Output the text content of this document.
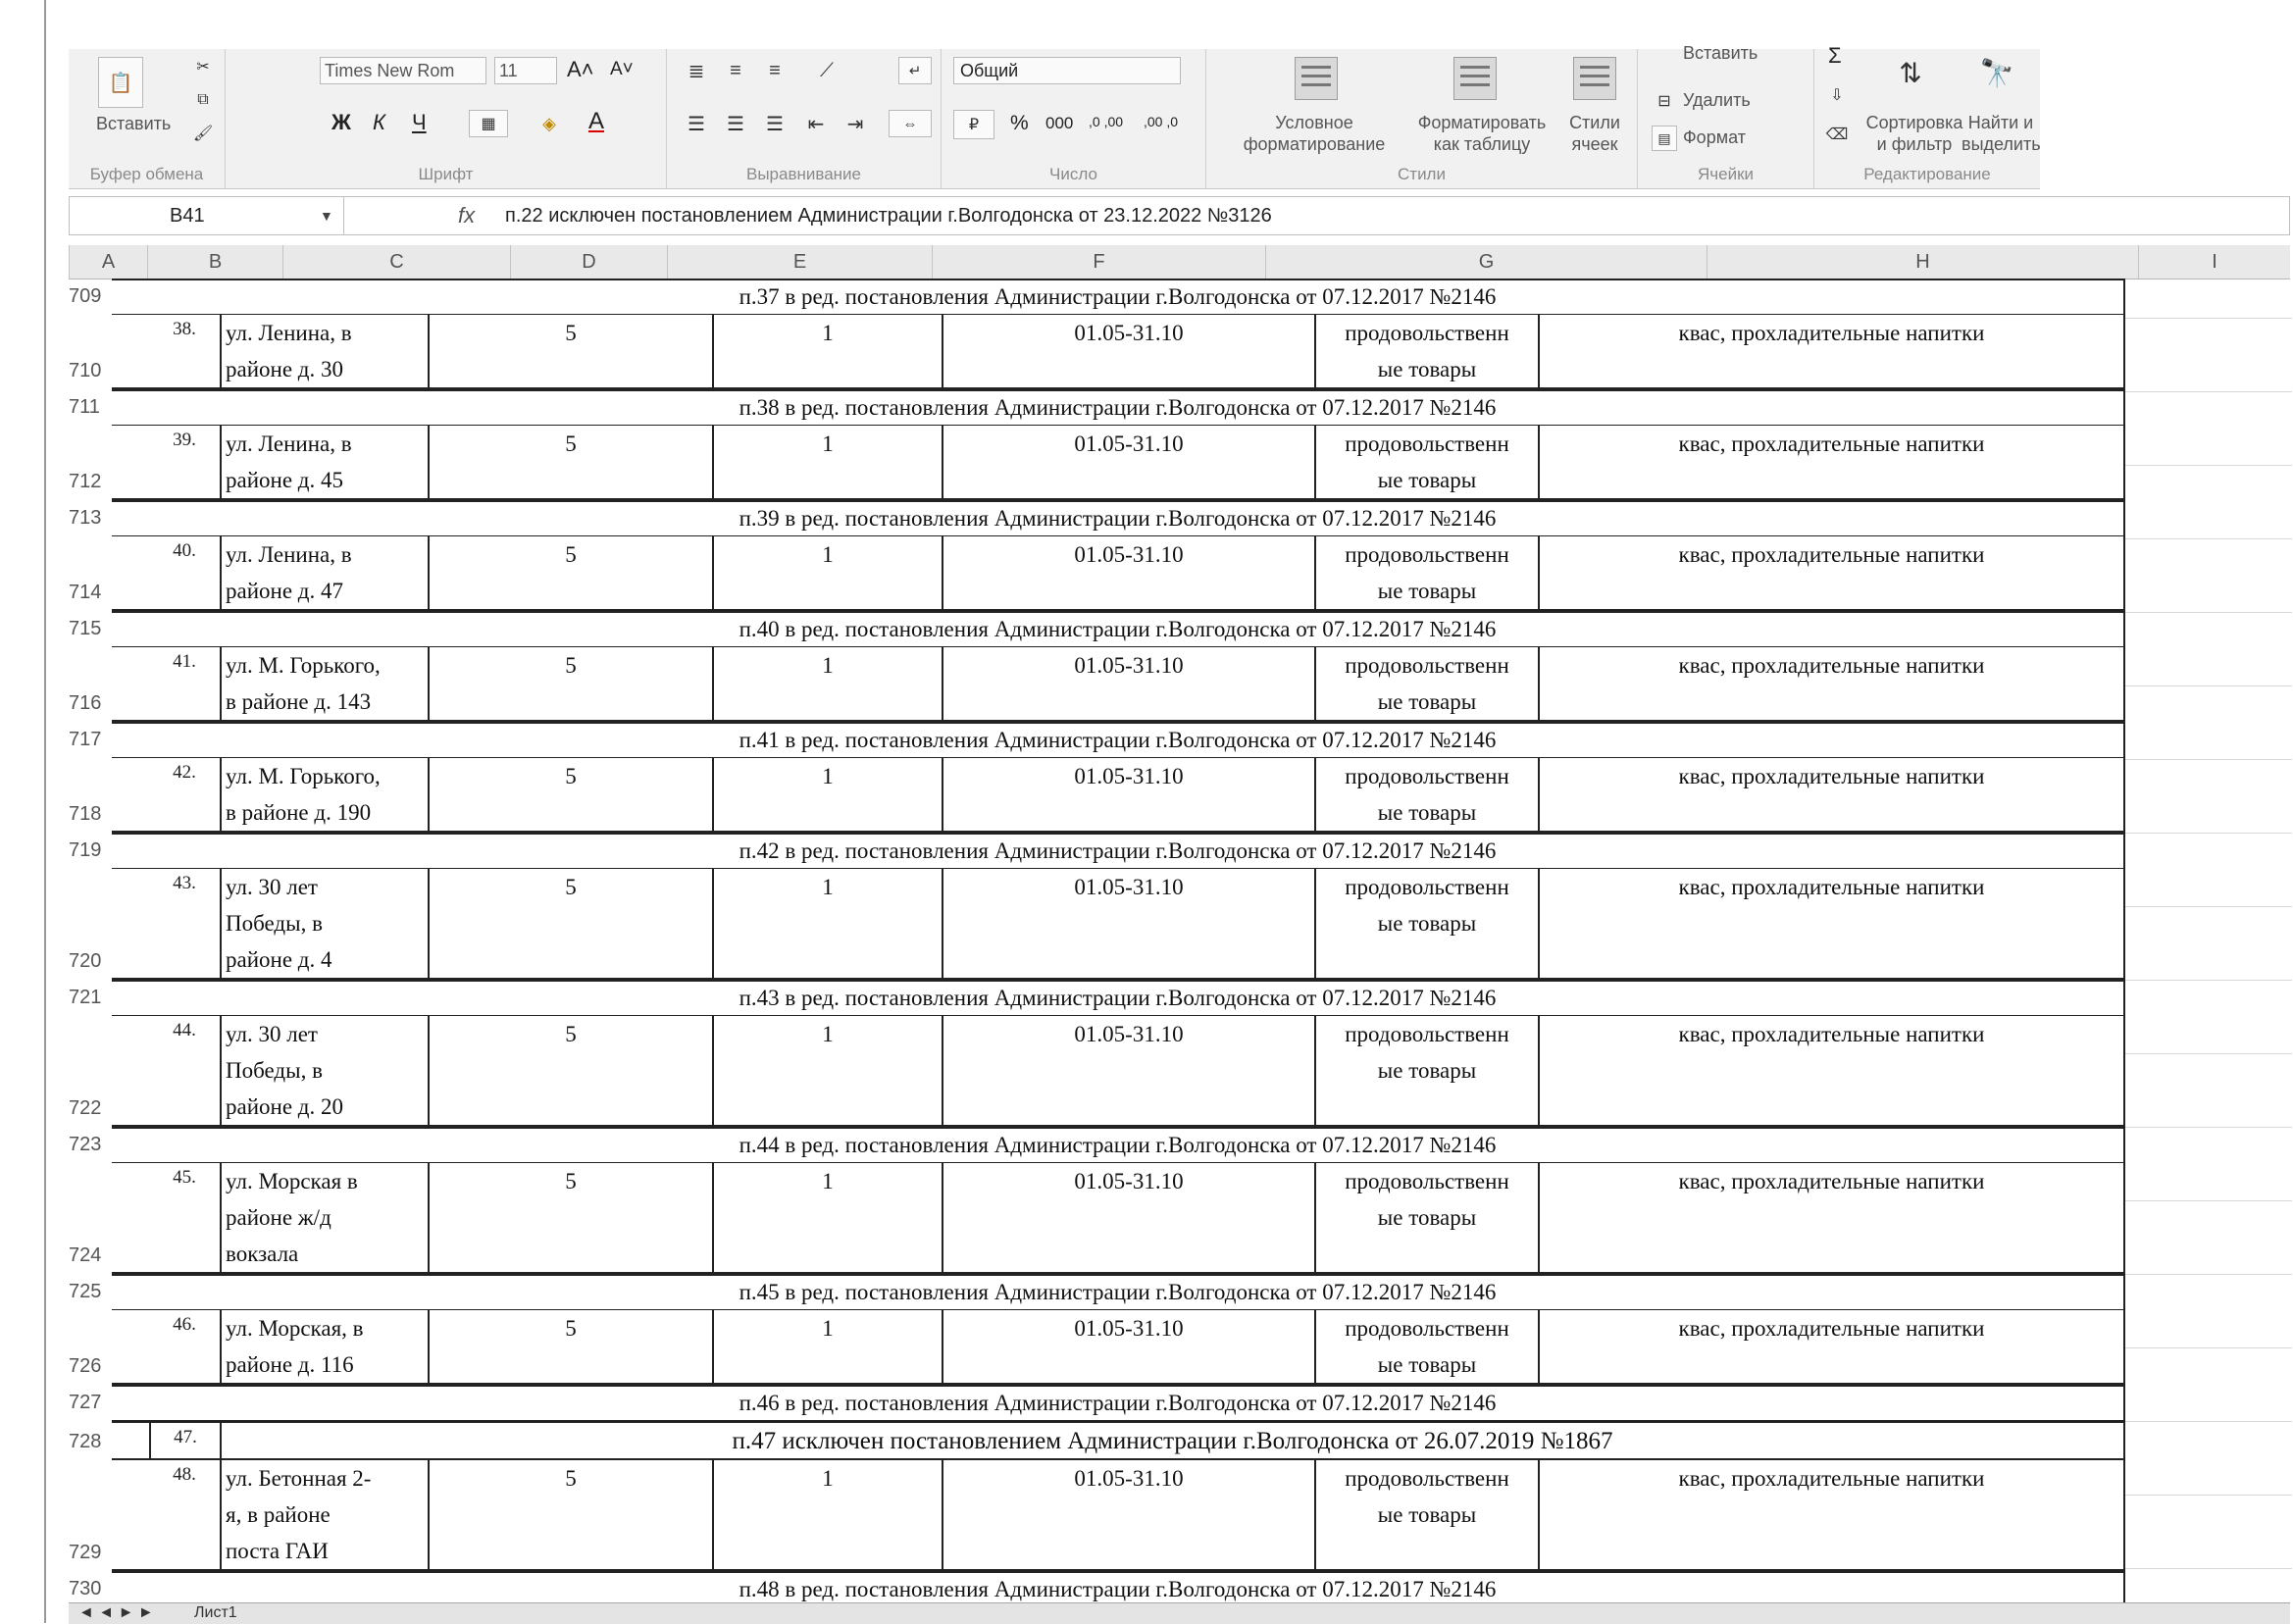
📋
Вставить
✂
⧉
🖌
Буфер обмена
Times New Rom	11	A˄ A˅
Ж К Ч	▦	◈	A
Шрифт
≣	≡	≡	⟋	↵
☰	☰	☰	⇤	⇥	⇔
Выравнивание
Общий
₽	% 000 ,0 ,00 ,00 ,0
Число
Условное форматирование
Форматировать как таблицу
Стили ячеек
Стили
Вставить
Удалить
Формат
⊟
▤
Ячейки
Σ
⇩
⌫
⇅
Сортировка и фильтр
🔭
Найти и выделить
Редактирование
B41	▼	fx п.22 исключен постановлением Администрации г.Волгодонска от 23.12.2022 №3126
A	B	C	D	E	F	G	H	I
709	п.37 в ред. постановления Администрации г.Волгодонска от 07.12.2017 №2146
710
38.	ул. Ленина, в
районе д. 30
5	1	01.05-31.10	продовольственн
ые товары
квас, прохладительные напитки
711	п.38 в ред. постановления Администрации г.Волгодонска от 07.12.2017 №2146
712
39.	ул. Ленина, в
районе д. 45
5	1	01.05-31.10	продовольственн
ые товары
квас, прохладительные напитки
713	п.39 в ред. постановления Администрации г.Волгодонска от 07.12.2017 №2146
714
40.	ул. Ленина, в
районе д. 47
5	1	01.05-31.10	продовольственн
ые товары
квас, прохладительные напитки
715	п.40 в ред. постановления Администрации г.Волгодонска от 07.12.2017 №2146
716
41.	ул. М. Горького,
в районе д. 143
5	1	01.05-31.10	продовольственн
ые товары
квас, прохладительные напитки
717	п.41 в ред. постановления Администрации г.Волгодонска от 07.12.2017 №2146
718
42.	ул. М. Горького,
в районе д. 190
5	1	01.05-31.10	продовольственн
ые товары
квас, прохладительные напитки
719	п.42 в ред. постановления Администрации г.Волгодонска от 07.12.2017 №2146
720
43.	ул. 30 лет
Победы, в
районе д. 4
5	1	01.05-31.10	продовольственн
ые товары
квас, прохладительные напитки
721	п.43 в ред. постановления Администрации г.Волгодонска от 07.12.2017 №2146
722
44.	ул. 30 лет
Победы, в
районе д. 20
5	1	01.05-31.10	продовольственн
ые товары
квас, прохладительные напитки
723	п.44 в ред. постановления Администрации г.Волгодонска от 07.12.2017 №2146
724
45.	ул. Морская в
районе ж/д
вокзала
5	1	01.05-31.10	продовольственн
ые товары
квас, прохладительные напитки
725	п.45 в ред. постановления Администрации г.Волгодонска от 07.12.2017 №2146
726
46.	ул. Морская, в
районе д. 116
5	1	01.05-31.10	продовольственн
ые товары
квас, прохладительные напитки
727	п.46 в ред. постановления Администрации г.Волгодонска от 07.12.2017 №2146
728	47.	п.47 исключен постановлением Администрации г.Волгодонска от 26.07.2019 №1867
729
48.	ул. Бетонная 2-
я, в районе
поста ГАИ
5	1	01.05-31.10	продовольственн
ые товары
квас, прохладительные напитки
730	п.48 в ред. постановления Администрации г.Волгодонска от 07.12.2017 №2146
◄ ◄ ► ►	Лист1
